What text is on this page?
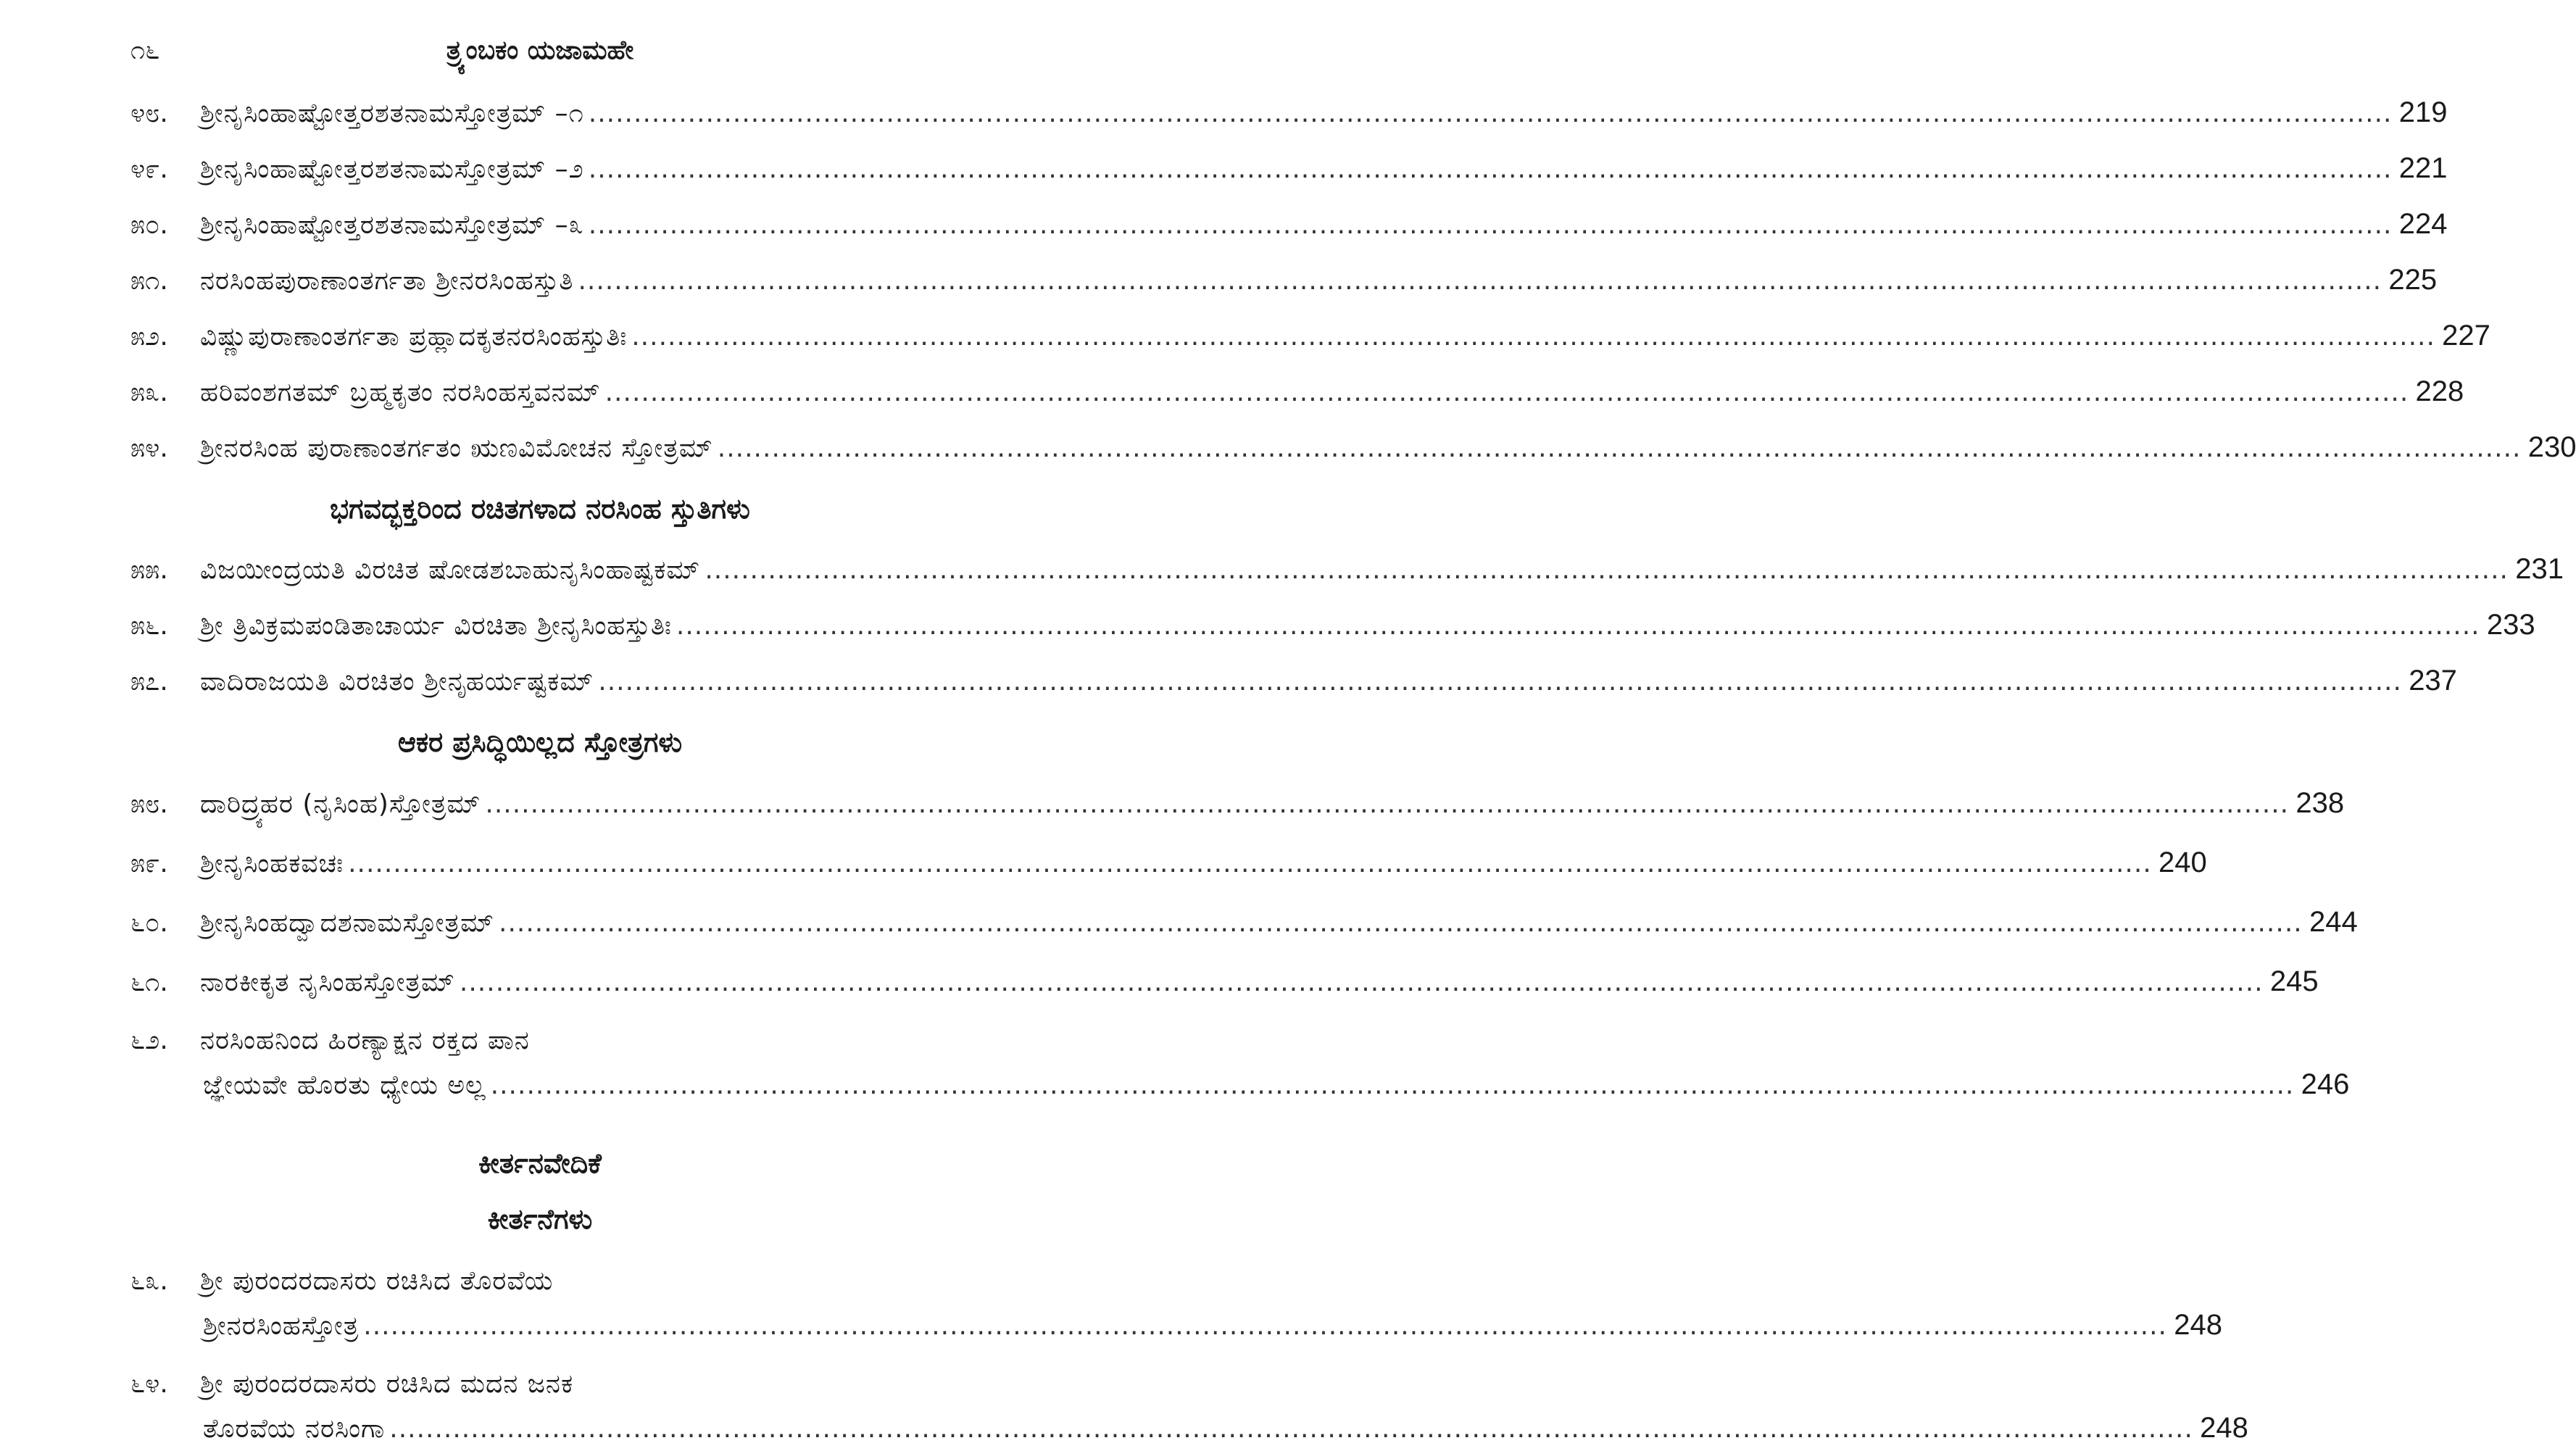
೧೬	ತ್ರ್ಯಂಬಕಂ ಯಜಾಮಹೇ
೪೮.	ಶ್ರೀನೃಸಿಂಹಾಷ್ಟೋತ್ತರಶತನಾಮಸ್ತೋತ್ರಮ್ –೧ ........................................................................................................................................................................................................ 219
೪೯.	ಶ್ರೀನೃಸಿಂಹಾಷ್ಟೋತ್ತರಶತನಾಮಸ್ತೋತ್ರಮ್ –೨ ........................................................................................................................................................................................................ 221
೫೦.	ಶ್ರೀನೃಸಿಂಹಾಷ್ಟೋತ್ತರಶತನಾಮಸ್ತೋತ್ರಮ್ –೩ ........................................................................................................................................................................................................ 224
೫೧.	ನರಸಿಂಹಪುರಾಣಾಂತರ್ಗತಾ ಶ್ರೀನರಸಿಂಹಸ್ತುತಿ ........................................................................................................................................................................................................ 225
೫೨.	ವಿಷ್ಣುಪುರಾಣಾಂತರ್ಗತಾ ಪ್ರಹ್ಲಾದಕೃತನರಸಿಂಹಸ್ತುತಿಃ ........................................................................................................................................................................................................ 227
೫೩.	ಹರಿವಂಶಗತಮ್ ಬ್ರಹ್ಮಕೃತಂ ನರಸಿಂಹಸ್ತವನಮ್ ........................................................................................................................................................................................................ 228
೫೪.	ಶ್ರೀನರಸಿಂಹ ಪುರಾಣಾಂತರ್ಗತಂ ಋಣವಿಮೋಚನ ಸ್ತೋತ್ರಮ್ ........................................................................................................................................................................................................ 230
ಭಗವದ್ಭಕ್ತರಿಂದ ರಚಿತಗಳಾದ ನರಸಿಂಹ ಸ್ತುತಿಗಳು
೫೫.	ವಿಜಯೀಂದ್ರಯತಿ ವಿರಚಿತ ಷೋಡಶಬಾಹುನೃಸಿಂಹಾಷ್ಟಕಮ್ ........................................................................................................................................................................................................ 231
೫೬.	ಶ್ರೀ ತ್ರಿವಿಕ್ರಮಪಂಡಿತಾಚಾರ್ಯ ವಿರಚಿತಾ ಶ್ರೀನೃಸಿಂಹಸ್ತುತಿಃ ........................................................................................................................................................................................................ 233
೫೭.	ವಾದಿರಾಜಯತಿ ವಿರಚಿತಂ ಶ್ರೀನೃಹರ್ಯಷ್ಟಕಮ್ ........................................................................................................................................................................................................ 237
ಆಕರ ಪ್ರಸಿದ್ಧಿಯಿಲ್ಲದ ಸ್ತೋತ್ರಗಳು
೫೮.	ದಾರಿದ್ರ್ಯಹರ (ನೃಸಿಂಹ)ಸ್ತೋತ್ರಮ್ ........................................................................................................................................................................................................ 238
೫೯.	ಶ್ರೀನೃಸಿಂಹಕವಚಃ ........................................................................................................................................................................................................ 240
೬೦.	ಶ್ರೀನೃಸಿಂಹದ್ವಾದಶನಾಮಸ್ತೋತ್ರಮ್ ........................................................................................................................................................................................................ 244
೬೧.	ನಾರಕೀಕೃತ ನೃಸಿಂಹಸ್ತೋತ್ರಮ್ ........................................................................................................................................................................................................ 245
೬೨.	ನರಸಿಂಹನಿಂದ ಹಿರಣ್ಯಾಕ್ಷನ ರಕ್ತದ ಪಾನ
ಜ್ಞೇಯವೇ ಹೊರತು ಧ್ಯೇಯ ಅಲ್ಲ ........................................................................................................................................................................................................ 246
ಕೀರ್ತನವೇದಿಕೆ
ಕೀರ್ತನೆಗಳು
೬೩.	ಶ್ರೀ ಪುರಂದರದಾಸರು ರಚಿಸಿದ ತೊರವೆಯ
ಶ್ರೀನರಸಿಂಹಸ್ತೋತ್ರ ........................................................................................................................................................................................................ 248
೬೪.	ಶ್ರೀ ಪುರಂದರದಾಸರು ರಚಿಸಿದ ಮದನ ಜನಕ
ತೊರವೆಯ ನರಸಿಂಗಾ ........................................................................................................................................................................................................ 248
